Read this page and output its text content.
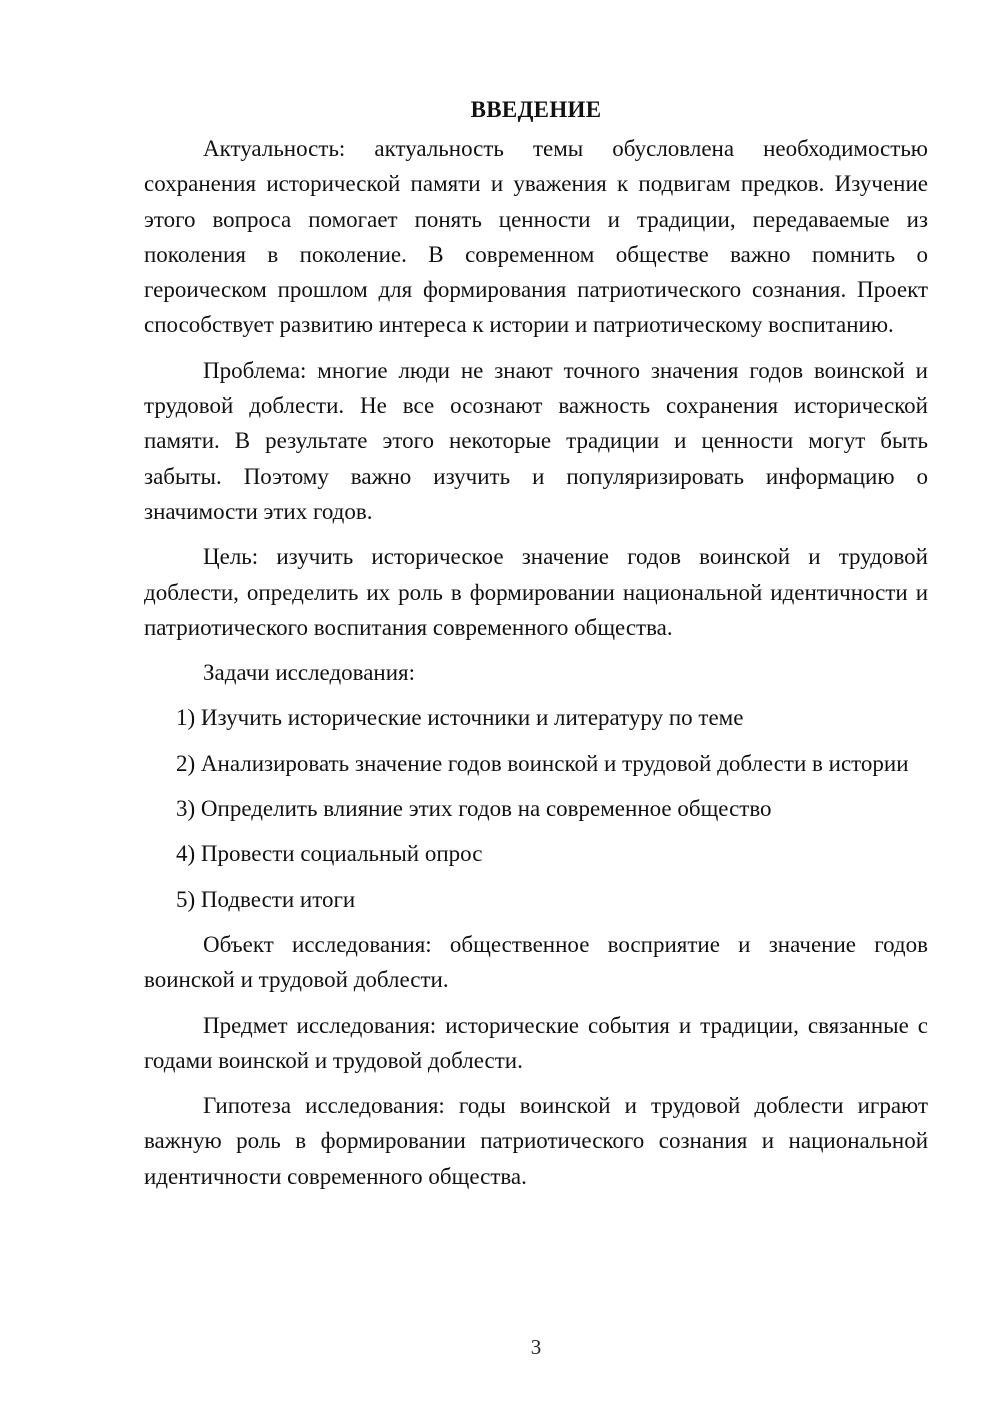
ВВЕДЕНИЕ

Актуальность: актуальность темы обусловлена необходимостью сохранения исторической памяти и уважения к подвигам предков. Изучение этого вопроса помогает понять ценности и традиции, передаваемые из поколения в поколение. В современном обществе важно помнить о героическом прошлом для формирования патриотического сознания. Проект способствует развитию интереса к истории и патриотическому воспитанию.

Проблема: многие люди не знают точного значения годов воинской и трудовой доблести. Не все осознают важность сохранения исторической памяти. В результате этого некоторые традиции и ценности могут быть забыты. Поэтому важно изучить и популяризировать информацию о значимости этих годов.

Цель: изучить историческое значение годов воинской и трудовой доблести, определить их роль в формировании национальной идентичности и патриотического воспитания современного общества.

Задачи исследования:

1) Изучить исторические источники и литературу по теме

2) Анализировать значение годов воинской и трудовой доблести в истории

3) Определить влияние этих годов на современное общество

4) Провести социальный опрос

5) Подвести итоги

Объект исследования: общественное восприятие и значение годов воинской и трудовой доблести.

Предмет исследования: исторические события и традиции, связанные с годами воинской и трудовой доблести.

Гипотеза исследования: годы воинской и трудовой доблести играют важную роль в формировании патриотического сознания и национальной идентичности современного общества.

3
